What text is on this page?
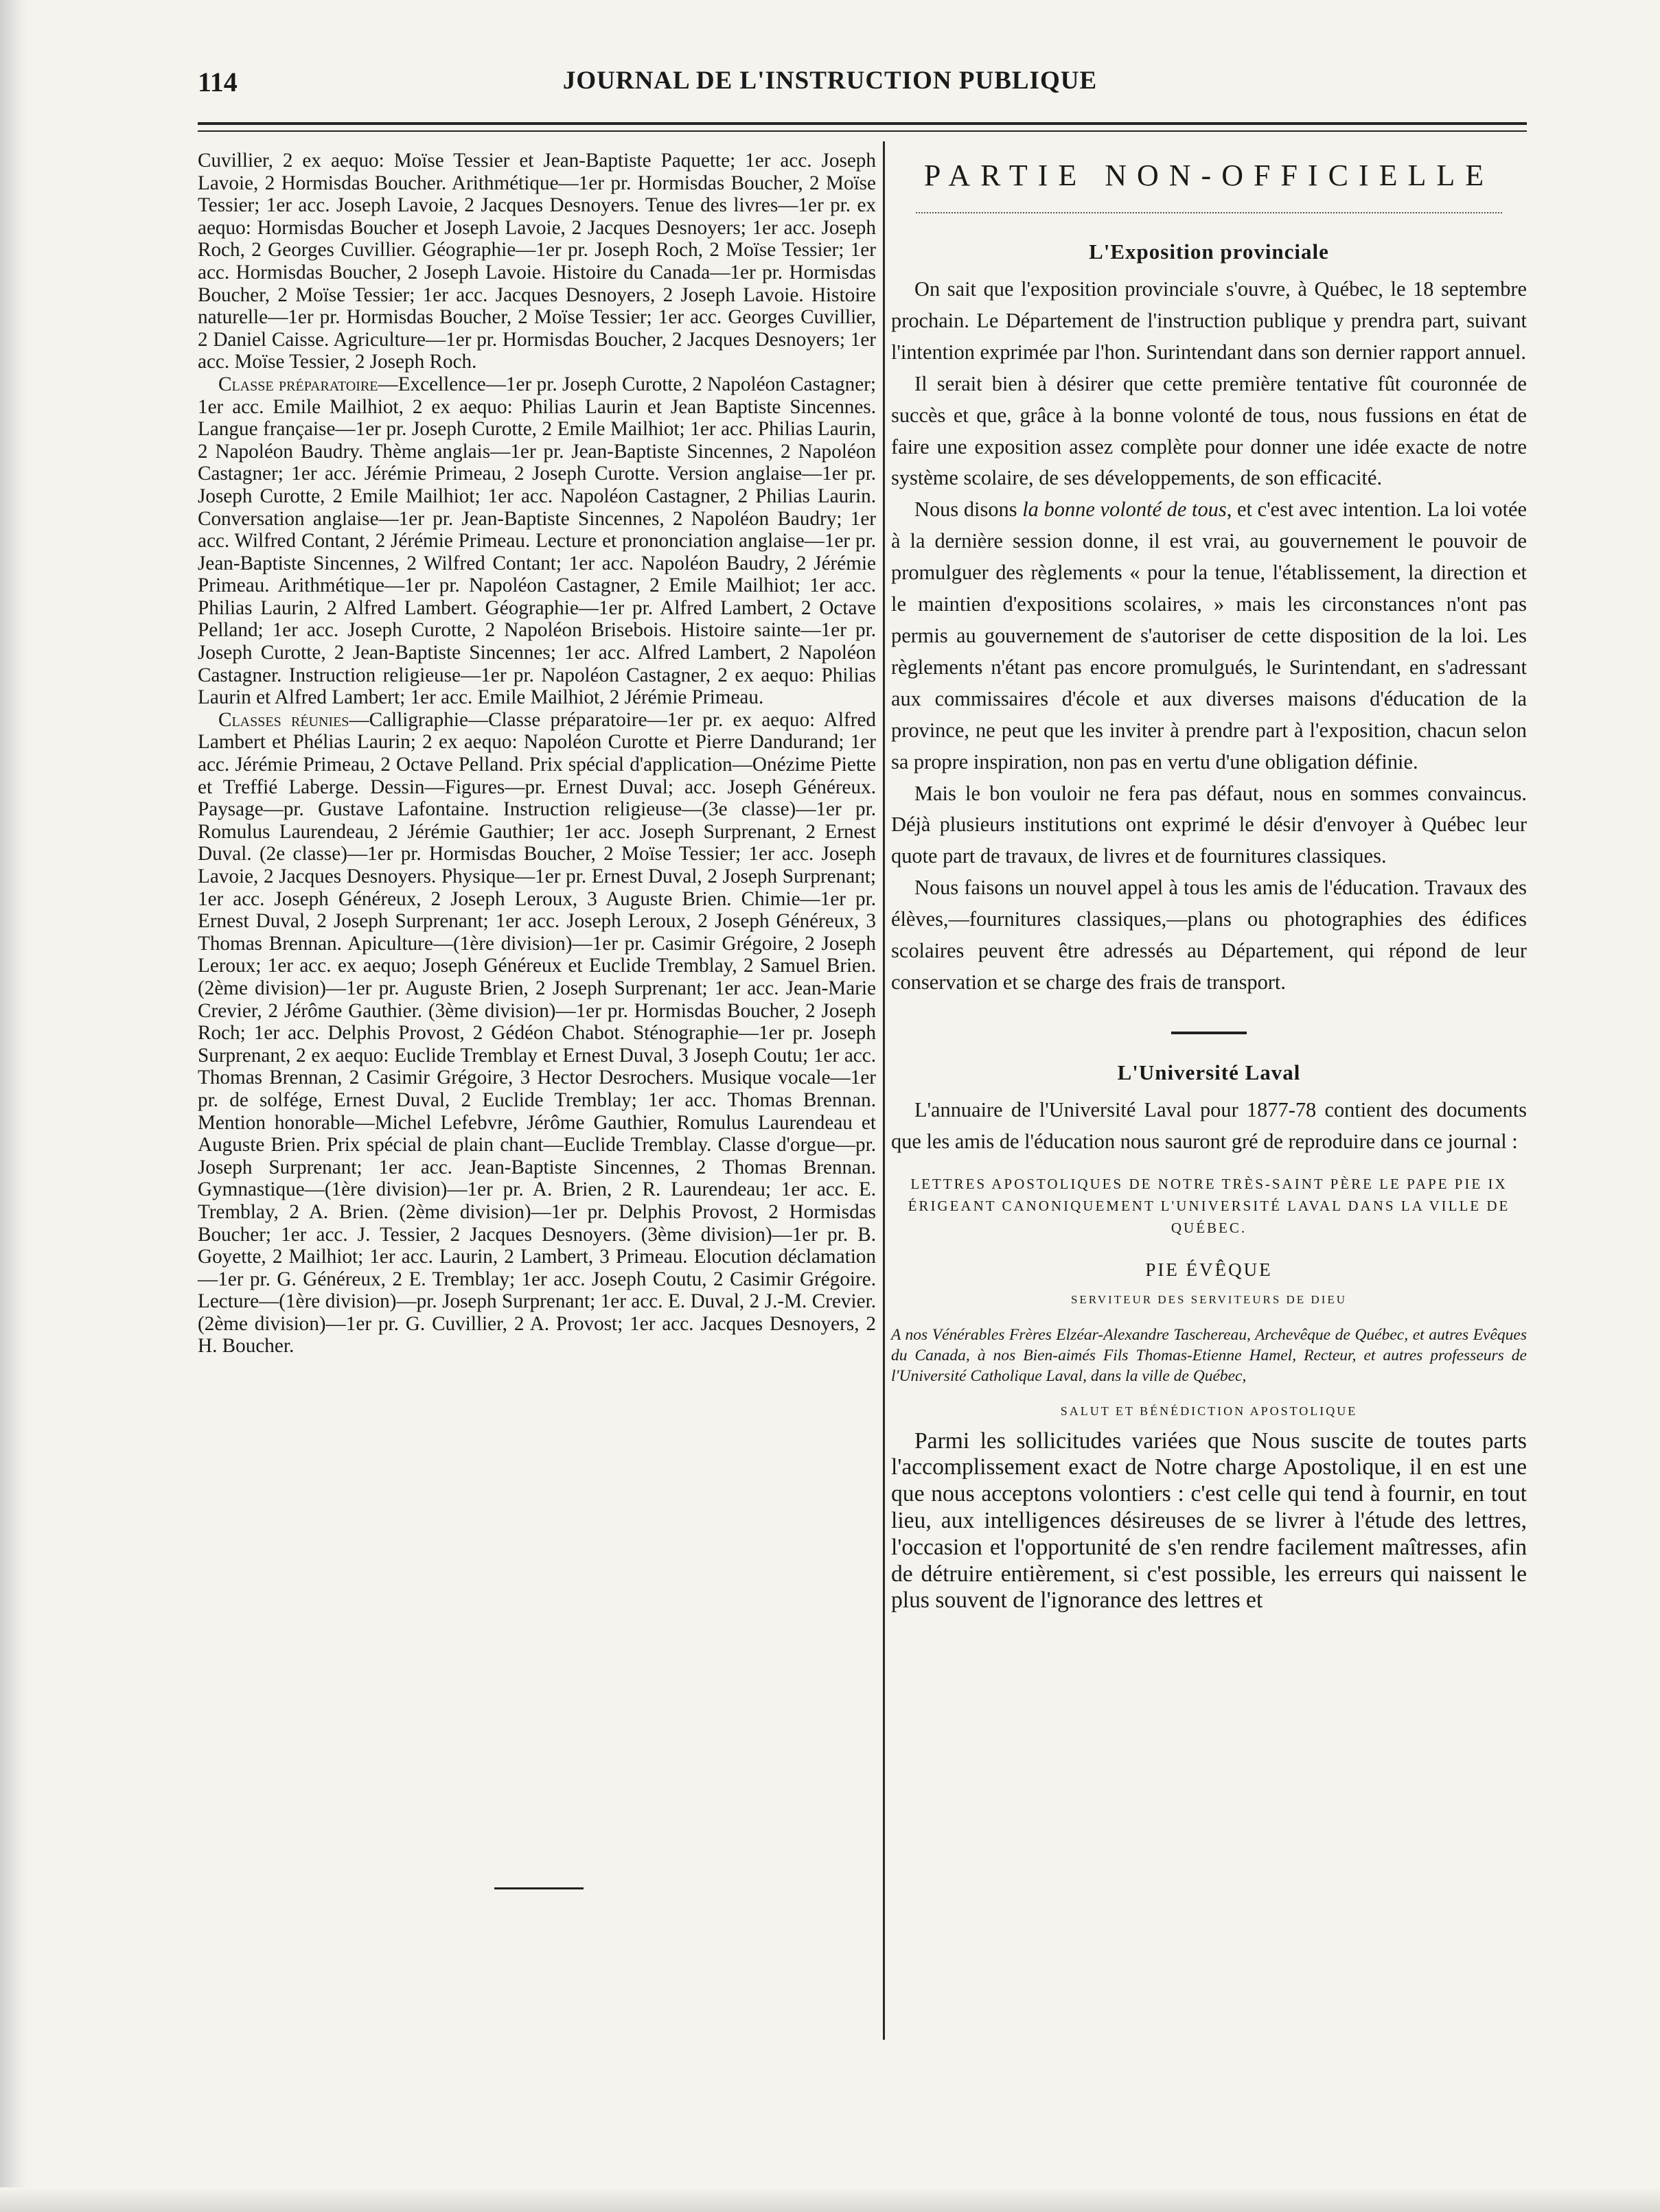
114	JOURNAL DE L'INSTRUCTION PUBLIQUE

Cuvillier, 2 ex aequo: Moïse Tessier et Jean-Baptiste Paquette; 1er acc. Joseph Lavoie, 2 Hormisdas Boucher. Arithmétique—1er pr. Hormisdas Boucher, 2 Moïse Tessier; 1er acc. Joseph Lavoie, 2 Jacques Desnoyers. Tenue des livres—1er pr. ex aequo: Hormisdas Boucher et Joseph Lavoie, 2 Jacques Desnoyers; 1er acc. Joseph Roch, 2 Georges Cuvillier. Géographie—1er pr. Joseph Roch, 2 Moïse Tessier; 1er acc. Hormisdas Boucher, 2 Joseph Lavoie. Histoire du Canada—1er pr. Hormisdas Boucher, 2 Moïse Tessier; 1er acc. Jacques Desnoyers, 2 Joseph Lavoie. Histoire naturelle—1er pr. Hormisdas Boucher, 2 Moïse Tessier; 1er acc. Georges Cuvillier, 2 Daniel Caisse. Agriculture—1er pr. Hormisdas Boucher, 2 Jacques Desnoyers; 1er acc. Moïse Tessier, 2 Joseph Roch.

Classe préparatoire—Excellence—1er pr. Joseph Curotte, 2 Napoléon Castagner; 1er acc. Emile Mailhiot, 2 ex aequo: Philias Laurin et Jean Baptiste Sincennes. Langue française—1er pr. Joseph Curotte, 2 Emile Mailhiot; 1er acc. Philias Laurin, 2 Napoléon Baudry. Thème anglais—1er pr. Jean-Baptiste Sincennes, 2 Napoléon Castagner; 1er acc. Jérémie Primeau, 2 Joseph Curotte. Version anglaise—1er pr. Joseph Curotte, 2 Emile Mailhiot; 1er acc. Napoléon Castagner, 2 Philias Laurin. Conversation anglaise—1er pr. Jean-Baptiste Sincennes, 2 Napoléon Baudry; 1er acc. Wilfred Contant, 2 Jérémie Primeau. Lecture et prononciation anglaise—1er pr. Jean-Baptiste Sincennes, 2 Wilfred Contant; 1er acc. Napoléon Baudry, 2 Jérémie Primeau. Arithmétique—1er pr. Napoléon Castagner, 2 Emile Mailhiot; 1er acc. Philias Laurin, 2 Alfred Lambert. Géographie—1er pr. Alfred Lambert, 2 Octave Pelland; 1er acc. Joseph Curotte, 2 Napoléon Brisebois. Histoire sainte—1er pr. Joseph Curotte, 2 Jean-Baptiste Sincennes; 1er acc. Alfred Lambert, 2 Napoléon Castagner. Instruction religieuse—1er pr. Napoléon Castagner, 2 ex aequo: Philias Laurin et Alfred Lambert; 1er acc. Emile Mailhiot, 2 Jérémie Primeau.

Classes réunies—Calligraphie—Classe préparatoire—1er pr. ex aequo: Alfred Lambert et Phélias Laurin; 2 ex aequo: Napoléon Curotte et Pierre Dandurand; 1er acc. Jérémie Primeau, 2 Octave Pelland. Prix spécial d'application—Onézime Piette et Treffié Laberge. Dessin—Figures—pr. Ernest Duval; acc. Joseph Généreux. Paysage—pr. Gustave Lafontaine. Instruction religieuse—(3e classe)—1er pr. Romulus Laurendeau, 2 Jérémie Gauthier; 1er acc. Joseph Surprenant, 2 Ernest Duval. (2e classe)—1er pr. Hormisdas Boucher, 2 Moïse Tessier; 1er acc. Joseph Lavoie, 2 Jacques Desnoyers. Physique—1er pr. Ernest Duval, 2 Joseph Surprenant; 1er acc. Joseph Généreux, 2 Joseph Leroux, 3 Auguste Brien. Chimie—1er pr. Ernest Duval, 2 Joseph Surprenant; 1er acc. Joseph Leroux, 2 Joseph Généreux, 3 Thomas Brennan. Apiculture—(1ère division)—1er pr. Casimir Grégoire, 2 Joseph Leroux; 1er acc. ex aequo; Joseph Généreux et Euclide Tremblay, 2 Samuel Brien. (2ème division)—1er pr. Auguste Brien, 2 Joseph Surprenant; 1er acc. Jean-Marie Crevier, 2 Jérôme Gauthier. (3ème division)—1er pr. Hormisdas Boucher, 2 Joseph Roch; 1er acc. Delphis Provost, 2 Gédéon Chabot. Sténographie—1er pr. Joseph Surprenant, 2 ex aequo: Euclide Tremblay et Ernest Duval, 3 Joseph Coutu; 1er acc. Thomas Brennan, 2 Casimir Grégoire, 3 Hector Desrochers. Musique vocale—1er pr. de solfége, Ernest Duval, 2 Euclide Tremblay; 1er acc. Thomas Brennan. Mention honorable—Michel Lefebvre, Jérôme Gauthier, Romulus Laurendeau et Auguste Brien. Prix spécial de plain chant—Euclide Tremblay. Classe d'orgue—pr. Joseph Surprenant; 1er acc. Jean-Baptiste Sincennes, 2 Thomas Brennan. Gymnastique—(1ère division)—1er pr. A. Brien, 2 R. Laurendeau; 1er acc. E. Tremblay, 2 A. Brien. (2ème division)—1er pr. Delphis Provost, 2 Hormisdas Boucher; 1er acc. J. Tessier, 2 Jacques Desnoyers. (3ème division)—1er pr. B. Goyette, 2 Mailhiot; 1er acc. Laurin, 2 Lambert, 3 Primeau. Elocution déclamation—1er pr. G. Généreux, 2 E. Tremblay; 1er acc. Joseph Coutu, 2 Casimir Grégoire. Lecture—(1ère division)—pr. Joseph Surprenant; 1er acc. E. Duval, 2 J.-M. Crevier. (2ème division)—1er pr. G. Cuvillier, 2 A. Provost; 1er acc. Jacques Desnoyers, 2 H. Boucher.

PARTIE NON-OFFICIELLE
L'Exposition provinciale

On sait que l'exposition provinciale s'ouvre, à Québec, le 18 septembre prochain. Le Département de l'instruction publique y prendra part, suivant l'intention exprimée par l'hon. Surintendant dans son dernier rapport annuel.

Il serait bien à désirer que cette première tentative fût couronnée de succès et que, grâce à la bonne volonté de tous, nous fussions en état de faire une exposition assez complète pour donner une idée exacte de notre système scolaire, de ses développements, de son efficacité.

Nous disons la bonne volonté de tous, et c'est avec intention. La loi votée à la dernière session donne, il est vrai, au gouvernement le pouvoir de promulguer des règlements « pour la tenue, l'établissement, la direction et le maintien d'expositions scolaires, » mais les circonstances n'ont pas permis au gouvernement de s'autoriser de cette disposition de la loi. Les règlements n'étant pas encore promulgués, le Surintendant, en s'adressant aux commissaires d'école et aux diverses maisons d'éducation de la province, ne peut que les inviter à prendre part à l'exposition, chacun selon sa propre inspiration, non pas en vertu d'une obligation définie.

Mais le bon vouloir ne fera pas défaut, nous en sommes convaincus. Déjà plusieurs institutions ont exprimé le désir d'envoyer à Québec leur quote part de travaux, de livres et de fournitures classiques.

Nous faisons un nouvel appel à tous les amis de l'éducation. Travaux des élèves,—fournitures classiques,—plans ou photographies des édifices scolaires peuvent être adressés au Département, qui répond de leur conservation et se charge des frais de transport.

L'Université Laval

L'annuaire de l'Université Laval pour 1877-78 contient des documents que les amis de l'éducation nous sauront gré de reproduire dans ce journal :

LETTRES APOSTOLIQUES DE NOTRE TRÈS-SAINT PÈRE LE PAPE PIE IX ÉRIGEANT CANONIQUEMENT L'UNIVERSITÉ LAVAL DANS LA VILLE DE QUÉBEC.

PIE ÉVÊQUE

SERVITEUR DES SERVITEURS DE DIEU

A nos Vénérables Frères Elzéar-Alexandre Taschereau, Archevêque de Québec, et autres Evêques du Canada, à nos Bien-aimés Fils Thomas-Etienne Hamel, Recteur, et autres professeurs de l'Université Catholique Laval, dans la ville de Québec,

SALUT ET BÉNÉDICTION APOSTOLIQUE

Parmi les sollicitudes variées que Nous suscite de toutes parts l'accomplissement exact de Notre charge Apostolique, il en est une que nous acceptons volontiers : c'est celle qui tend à fournir, en tout lieu, aux intelligences désireuses de se livrer à l'étude des lettres, l'occasion et l'opportunité de s'en rendre facilement maîtresses, afin de détruire entièrement, si c'est possible, les erreurs qui naissent le plus souvent de l'ignorance des lettres et
